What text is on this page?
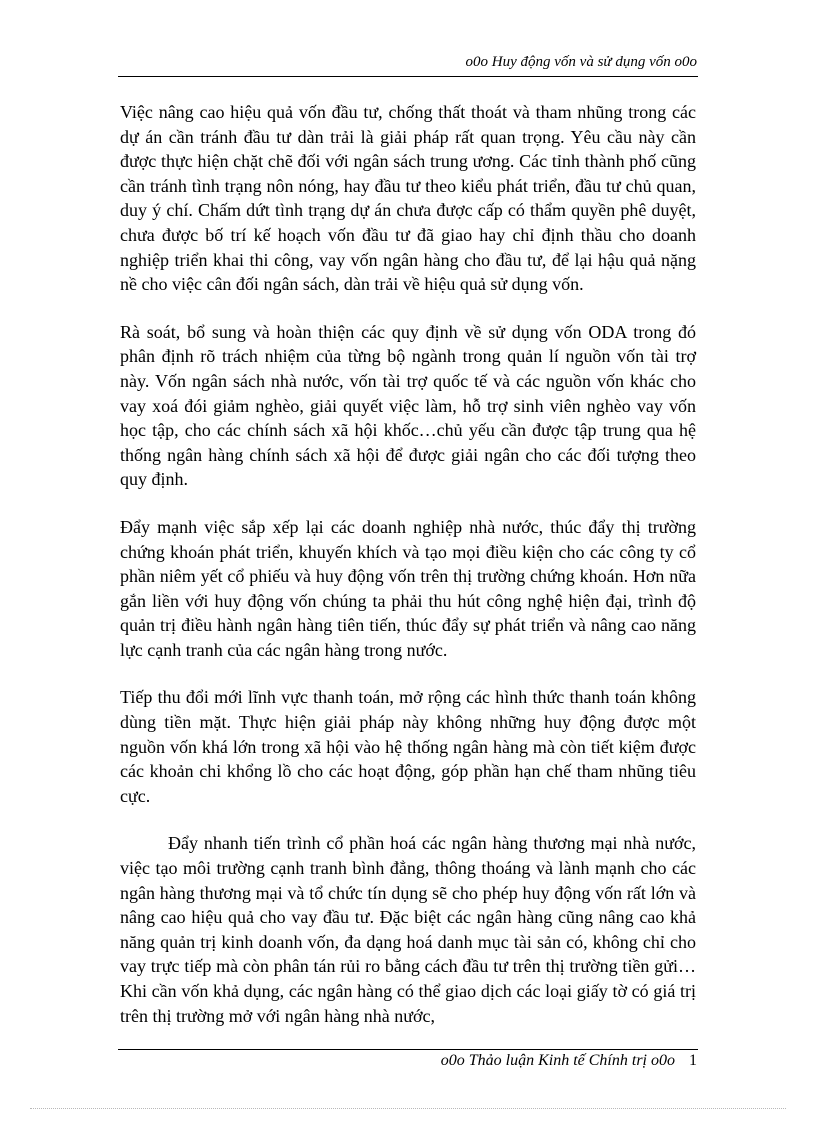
o0o Huy động vốn và sử dụng vốn o0o

Việc nâng cao hiệu quả vốn đầu tư, chống thất thoát và tham nhũng trong các dự án cần tránh đầu tư dàn trải là giải pháp rất quan trọng. Yêu cầu này cần được thực hiện chặt chẽ đối với ngân sách trung ương. Các tỉnh thành phố cũng cần tránh tình trạng nôn nóng, hay đầu tư theo kiểu phát triển, đầu tư chủ quan, duy ý chí. Chấm dứt tình trạng dự án chưa được cấp có thẩm quyền phê duyệt, chưa được bố trí kế hoạch vốn đầu tư đã giao hay chỉ định thầu cho doanh nghiệp triển khai thi công, vay vốn ngân hàng cho đầu tư, để lại hậu quả nặng nề cho việc cân đối ngân sách, dàn trải về hiệu quả sử dụng vốn.

Rà soát, bổ sung và hoàn thiện các quy định về sử dụng vốn ODA trong đó phân định rõ trách nhiệm của từng bộ ngành trong quản lí nguồn vốn tài trợ này. Vốn ngân sách nhà nước, vốn tài trợ quốc tế và các nguồn vốn khác cho vay xoá đói giảm nghèo, giải quyết việc làm, hỗ trợ sinh viên nghèo vay vốn học tập, cho các chính sách xã hội khốc…chủ yếu cần được tập trung qua hệ thống ngân hàng chính sách xã hội để được giải ngân cho các đối tượng theo quy định.

Đẩy mạnh việc sắp xếp lại các doanh nghiệp nhà nước, thúc đẩy thị trường chứng khoán phát triển, khuyến khích và tạo mọi điều kiện cho các công ty cổ phần niêm yết cổ phiếu và huy động vốn trên thị trường chứng khoán. Hơn nữa gắn liền với huy động vốn chúng ta phải thu hút công nghệ hiện đại, trình độ quản trị điều hành ngân hàng tiên tiến, thúc đẩy sự phát triển và nâng cao năng lực cạnh tranh của các ngân hàng trong nước.

Tiếp thu đổi mới lĩnh vực thanh toán, mở rộng các hình thức thanh toán không dùng tiền mặt. Thực hiện giải pháp này không những huy động được một nguồn vốn khá lớn trong xã hội vào hệ thống ngân hàng mà còn tiết kiệm được các khoản chi khổng lồ cho các hoạt động, góp phần hạn chế tham nhũng tiêu cực.

Đẩy nhanh tiến trình cổ phần hoá các ngân hàng thương mại nhà nước, việc tạo môi trường cạnh tranh bình đẳng, thông thoáng và lành mạnh cho các ngân hàng thương mại và tổ chức tín dụng sẽ cho phép huy động vốn rất lớn và nâng cao hiệu quả cho vay đầu tư. Đặc biệt các ngân hàng cũng nâng cao khả năng quản trị kinh doanh vốn, đa dạng hoá danh mục tài sản có, không chỉ cho vay trực tiếp mà còn phân tán rủi ro bằng cách đầu tư trên thị trường tiền gửi…Khi cần vốn khả dụng, các ngân hàng có thể giao dịch các loại giấy tờ có giá trị trên thị trường mở với ngân hàng nhà nước,

o0o Thảo luận Kinh tế Chính trị o0o 1
